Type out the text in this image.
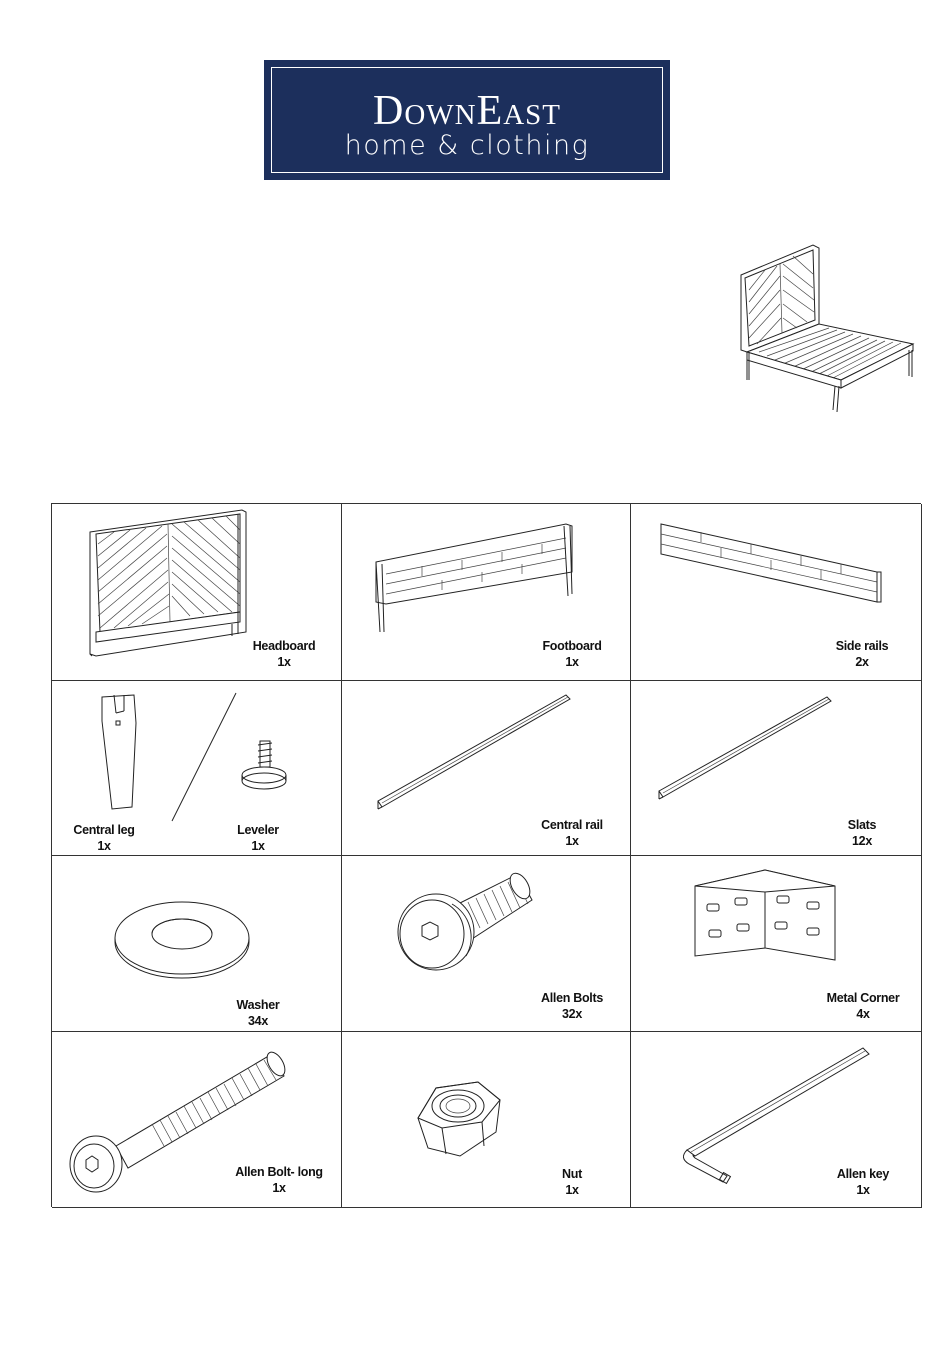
DownEast
home & clothing
Headboard
1x
Footboard
1x
Side rails
2x
Central leg
1x
Leveler
1x
Central rail
1x
Slats
12x
Washer
34x
Allen Bolts
32x
Metal Corner
4x
Allen Bolt- long
1x
Nut
1x
Allen key
1x
